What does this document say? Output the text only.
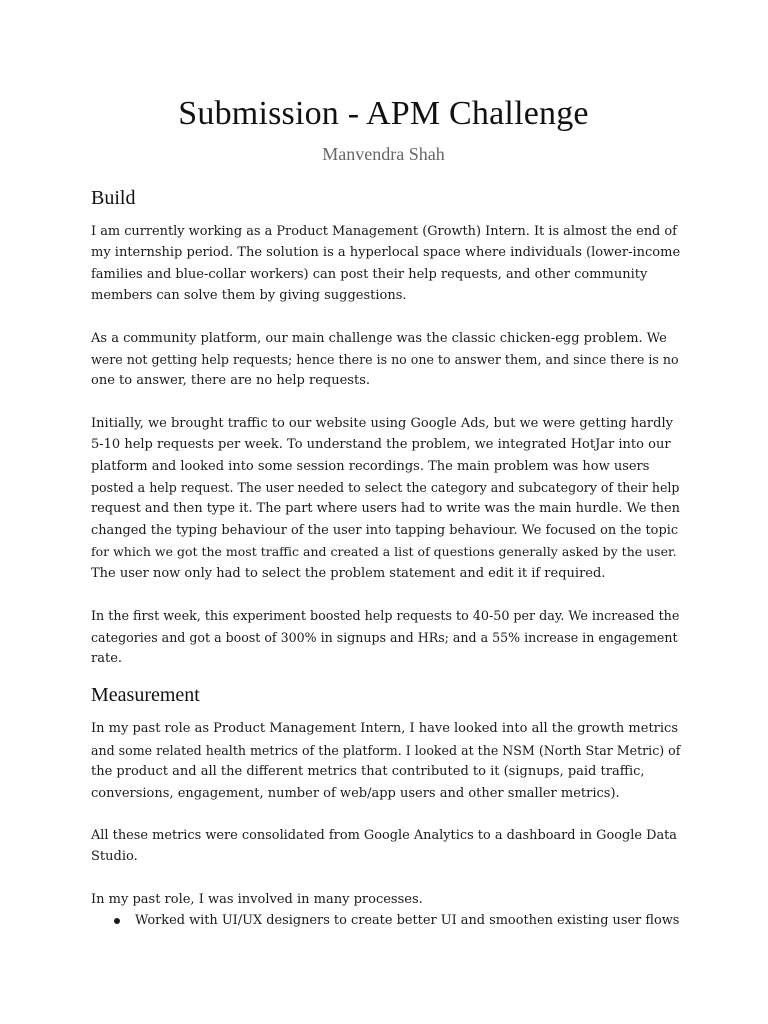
Submission - APM Challenge
Manvendra Shah
Build

I am currently working as a Product Management (Growth) Intern. It is almost the end of
my internship period. The solution is a hyperlocal space where individuals (lower-income
families and blue-collar workers) can post their help requests, and other community
members can solve them by giving suggestions.

As a community platform, our main challenge was the classic chicken-egg problem. We
were not getting help requests; hence there is no one to answer them, and since there is no
one to answer, there are no help requests.

Initially, we brought traffic to our website using Google Ads, but we were getting hardly
5-10 help requests per week. To understand the problem, we integrated HotJar into our
platform and looked into some session recordings. The main problem was how users
posted a help request. The user needed to select the category and subcategory of their help
request and then type it. The part where users had to write was the main hurdle. We then
changed the typing behaviour of the user into tapping behaviour. We focused on the topic
for which we got the most traffic and created a list of questions generally asked by the user.
The user now only had to select the problem statement and edit it if required.

In the first week, this experiment boosted help requests to 40-50 per day. We increased the
categories and got a boost of 300% in signups and HRs; and a 55% increase in engagement
rate.

Measurement

In my past role as Product Management Intern, I have looked into all the growth metrics
and some related health metrics of the platform. I looked at the NSM (North Star Metric) of
the product and all the different metrics that contributed to it (signups, paid traffic,
conversions, engagement, number of web/app users and other smaller metrics).

All these metrics were consolidated from Google Analytics to a dashboard in Google Data
Studio.

In my past role, I was involved in many processes.

Worked with UI/UX designers to create better UI and smoothen existing user flows
